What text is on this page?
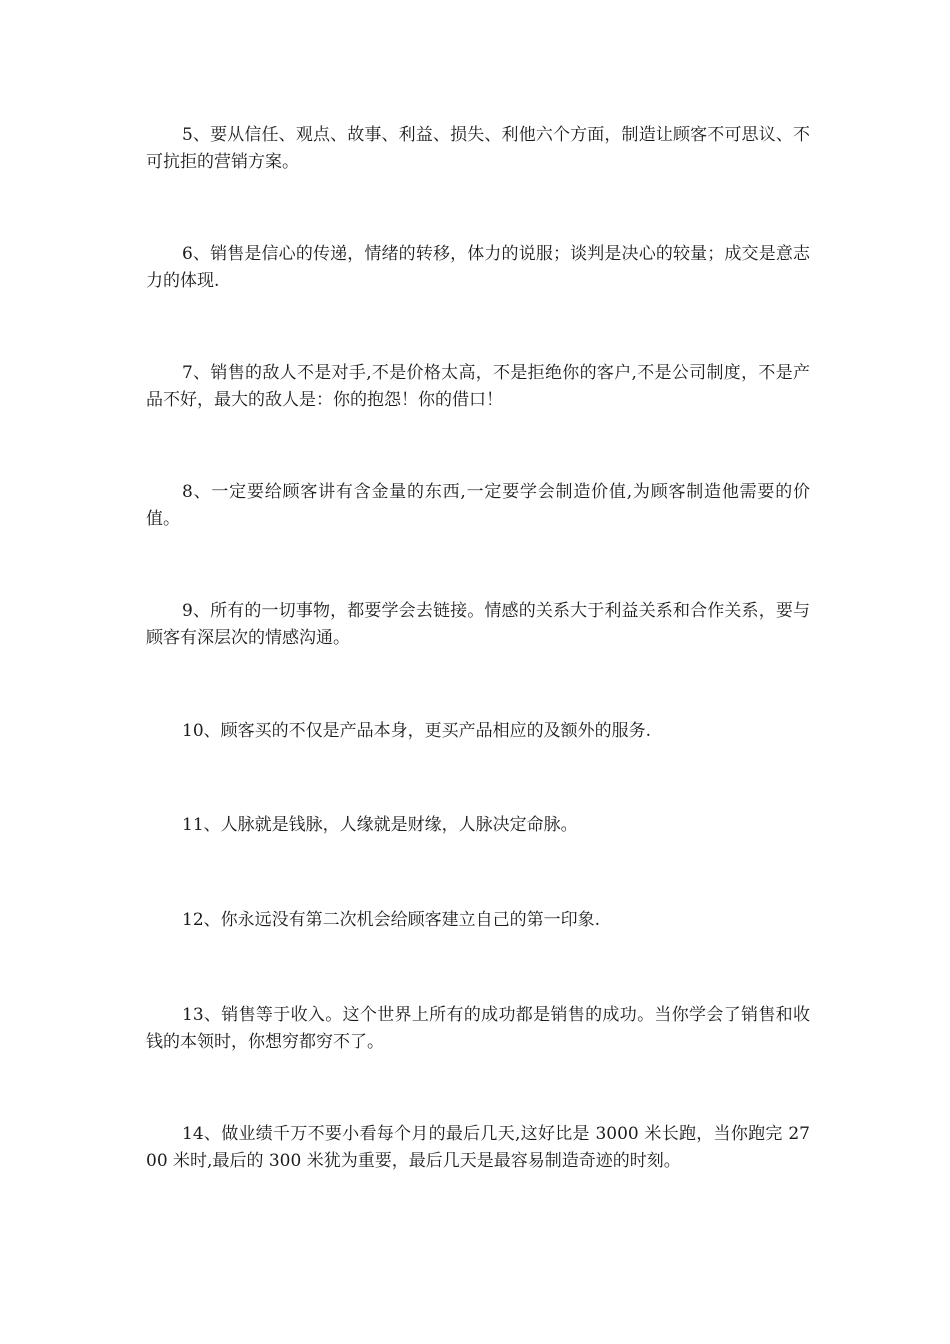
5、要从信任、观点、故事、利益、损失、利他六个方面，制造让顾客不可思议、不可抗拒的营销方案。

6、销售是信心的传递，情绪的转移，体力的说服；谈判是决心的较量；成交是意志力的体现.

7、销售的敌人不是对手,不是价格太高，不是拒绝你的客户,不是公司制度，不是产品不好，最大的敌人是：你的抱怨！你的借口！

8、一定要给顾客讲有含金量的东西,一定要学会制造价值,为顾客制造他需要的价值。

9、所有的一切事物，都要学会去链接。情感的关系大于利益关系和合作关系，要与顾客有深层次的情感沟通。

10、顾客买的不仅是产品本身，更买产品相应的及额外的服务.

11、人脉就是钱脉，人缘就是财缘，人脉决定命脉。

12、你永远没有第二次机会给顾客建立自己的第一印象.

13、销售等于收入。这个世界上所有的成功都是销售的成功。当你学会了销售和收钱的本领时，你想穷都穷不了。

14、做业绩千万不要小看每个月的最后几天,这好比是 3000 米长跑，当你跑完 2700 米时,最后的 300 米犹为重要，最后几天是最容易制造奇迹的时刻。
